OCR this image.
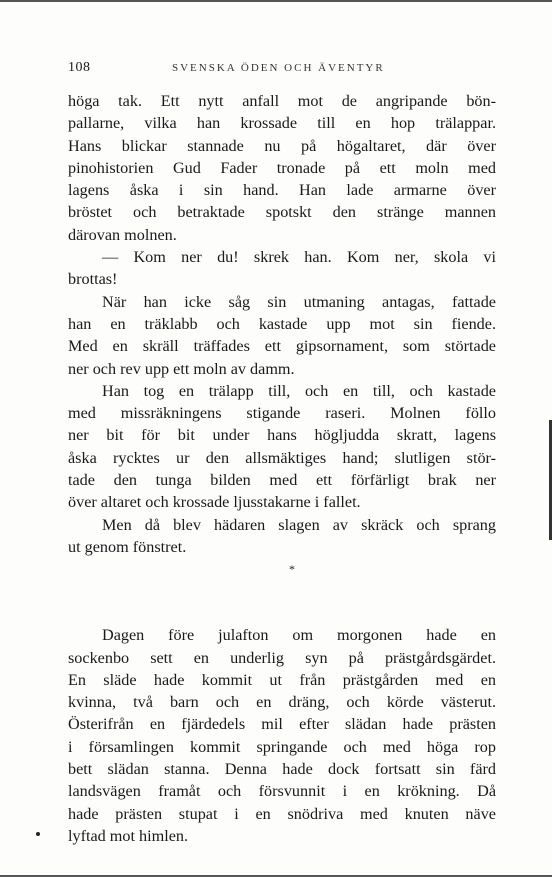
108	SVENSKA ÖDEN OCH ÄVENTYR
höga tak. Ett nytt anfall mot de angripande bön-
pallarne, vilka han krossade till en hop trälappar.
Hans blickar stannade nu på högaltaret, där över
pinohistorien Gud Fader tronade på ett moln med
lagens åska i sin hand. Han lade armarne över
bröstet och betraktade spotskt den stränge mannen
därovan molnen.
— Kom ner du! skrek han. Kom ner, skola vi
brottas!
När han icke såg sin utmaning antagas, fattade
han en träklabb och kastade upp mot sin fiende.
Med en skräll träffades ett gipsornament, som störtade
ner och rev upp ett moln av damm.
Han tog en trälapp till, och en till, och kastade
med missräkningens stigande raseri. Molnen föllo
ner bit för bit under hans högljudda skratt, lagens
åska rycktes ur den allsmäktiges hand; slutligen stör-
tade den tunga bilden med ett förfärligt brak ner
över altaret och krossade ljusstakarne i fallet.
Men då blev hädaren slagen av skräck och sprang
ut genom fönstret.
*
Dagen före julafton om morgonen hade en
sockenbo sett en underlig syn på prästgårdsgärdet.
En släde hade kommit ut från prästgården med en
kvinna, två barn och en dräng, och körde västerut.
Österifrån en fjärdedels mil efter slädan hade prästen
i församlingen kommit springande och med höga rop
bett slädan stanna. Denna hade dock fortsatt sin färd
landsvägen framåt och försvunnit i en krökning. Då
hade prästen stupat i en snödriva med knuten näve
lyftad mot himlen.
